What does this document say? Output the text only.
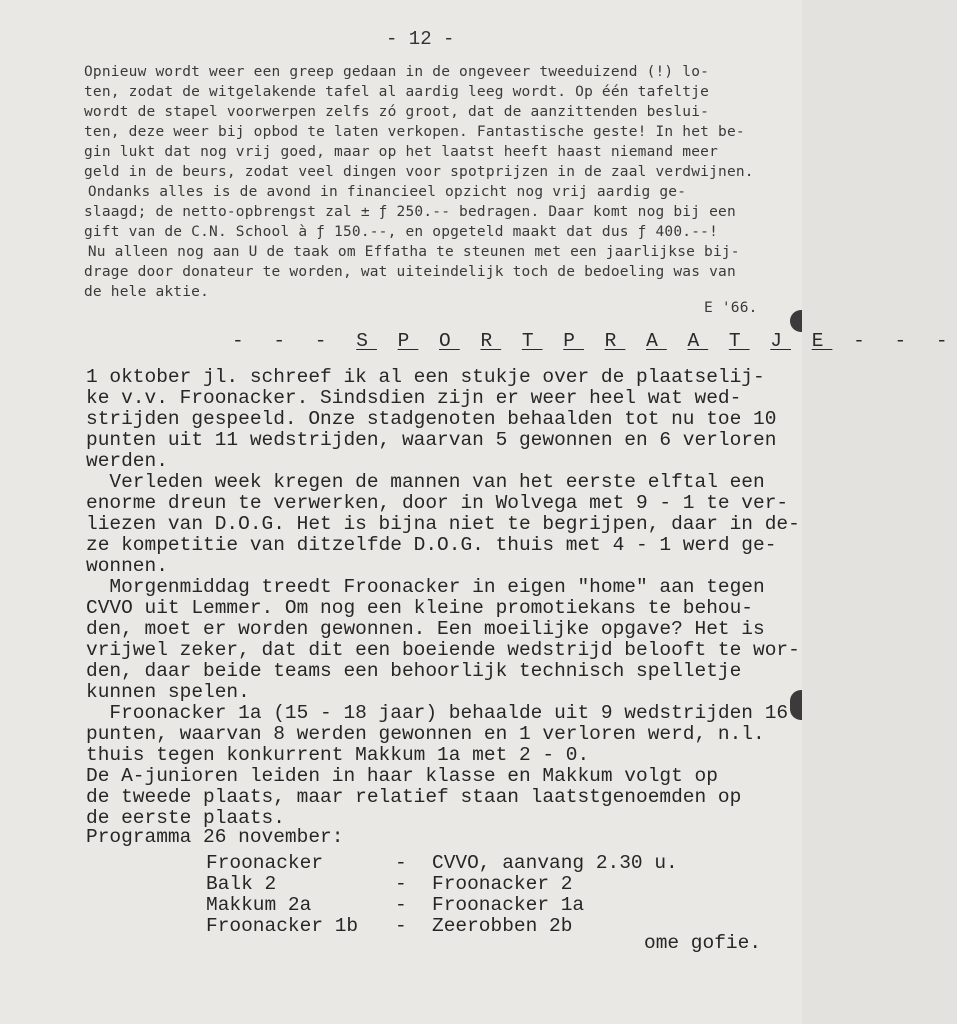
- 12 -
Opnieuw wordt weer een greep gedaan in de ongeveer tweeduizend (!) lo-
ten, zodat de witgelakende tafel al aardig leeg wordt. Op één tafeltje
wordt de stapel voorwerpen zelfs zó groot, dat de aanzittenden beslui-
ten, deze weer bij opbod te laten verkopen. Fantastische geste! In het be-
gin lukt dat nog vrij goed, maar op het laatst heeft haast niemand meer
geld in de beurs, zodat veel dingen voor spotprijzen in de zaal verdwijnen.
Ondanks alles is de avond in financieel opzicht nog vrij aardig ge-
slaagd; de netto-opbrengst zal ± ƒ 250.-- bedragen. Daar komt nog bij een
gift van de C.N. School à ƒ 150.--, en opgeteld maakt dat dus ƒ 400.--!
Nu alleen nog aan U de taak om Effatha te steunen met een jaarlijkse bij-
drage door donateur te worden, wat uiteindelijk toch de bedoeling was van
de hele aktie.
E '66.
- - - S P O R T P R A A T J E - - -
1 oktober jl. schreef ik al een stukje over de plaatselij-
ke v.v. Froonacker. Sindsdien zijn er weer heel wat wed-
strijden gespeeld. Onze stadgenoten behaalden tot nu toe 10
punten uit 11 wedstrijden, waarvan 5 gewonnen en 6 verloren
werden.
Verleden week kregen de mannen van het eerste elftal een
enorme dreun te verwerken, door in Wolvega met 9 - 1 te ver-
liezen van D.O.G. Het is bijna niet te begrijpen, daar in de-
ze kompetitie van ditzelfde D.O.G. thuis met 4 - 1 werd ge-
wonnen.
Morgenmiddag treedt Froonacker in eigen "home" aan tegen
CVVO uit Lemmer. Om nog een kleine promotiekans te behou-
den, moet er worden gewonnen. Een moeilijke opgave? Het is
vrijwel zeker, dat dit een boeiende wedstrijd belooft te wor-
den, daar beide teams een behoorlijk technisch spelletje
kunnen spelen.
Froonacker 1a (15 - 18 jaar) behaalde uit 9 wedstrijden 16
punten, waarvan 8 werden gewonnen en 1 verloren werd, n.l.
thuis tegen konkurrent Makkum 1a met 2 - 0.
De A-junioren leiden in haar klasse en Makkum volgt op
de tweede plaats, maar relatief staan laatstgenoemden op
de eerste plaats.
Programma 26 november:
Froonacker	- CVVO, aanvang 2.30 u.
Balk 2	- Froonacker 2
Makkum 2a	- Froonacker 1a
Froonacker 1b - Zeerobben 2b
ome gofie.
